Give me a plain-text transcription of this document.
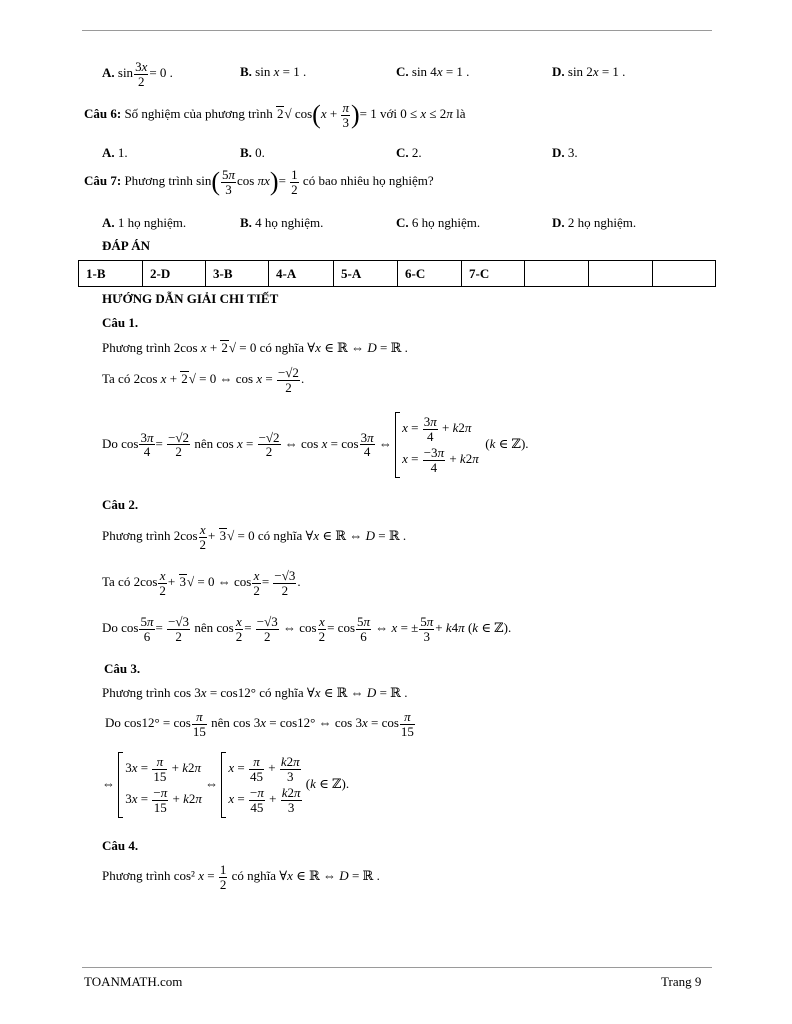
A. $\sin \frac{3x}{2} = 0$ .	B. sin x = 1 .	C. sin 4x = 1 .	D. sin 2x = 1 .
Câu 6: Số nghiệm của phương trình 2√ $\cos(x + \frac{\pi}{3}$ )= 1 với 0 ≤ x ≤ 2π là
A. 1.	B. 0.	C. 2.	D. 3.
Câu 7: Phương trình $\sin( \frac{5\pi}{3}$ $\cos \pi x)= \frac{1}{2}$ có bao nhiêu họ nghiệm?
A. 1 họ nghiệm.	B. 4 họ nghiệm.	C. 6 họ nghiệm.	D. 2 họ nghiệm.
ĐÁP ÁN
1-B	2-D	3-B	4-A	5-A	6-C	7-C			
HƯỚNG DẪN GIẢI CHI TIẾT
Câu 1.
Phương trình 2cos x + 2√ = 0 có nghĩa ∀x ∈ ℝ ⇔ D = ℝ .
Ta có 2cos x + 2√ = 0 ⇔ $\cos x = \frac{-√2}{2}$ .
Do $\cos \frac{3\pi}{4} = \frac{-√2}{2}$ nên $\cos x = \frac{-√2}{2}$ ⇔ $\cos x = \cos \frac{3\pi}{4}$ ⇔
$x = \frac{3\pi}{4} + k2\pi$
$x = \frac{-3\pi}{4} + k2\pi$
(k ∈ ℤ).
Câu 2.
Phương trình $2\cos \frac{x}{2} + 3√ = 0$ có nghĩa ∀x ∈ ℝ ⇔ D = ℝ .
Ta có $2\cos \frac{x}{2} + 3√ = 0$ ⇔ $\cos \frac{x}{2} = \frac{-√3}{2}$ .
Do $\cos \frac{5\pi}{6} = \frac{-√3}{2}$ nên $\cos \frac{x}{2} = \frac{-√3}{2}$ ⇔ $\cos \frac{x}{2} = \cos \frac{5\pi}{6}$ ⇔ x = ± $\frac{5\pi}{3} + k4\pi$ (k ∈ ℤ).
Câu 3.
Phương trình cos 3x = cos12° có nghĩa ∀x ∈ ℝ ⇔ D = ℝ .
Do $\cos 12^\circ = \cos \frac{\pi}{15}$ nên cos 3x = cos12° ⇔ $\cos 3x = \cos \frac{\pi}{15}$
⇔
$3x = \frac{\pi}{15} + k2\pi$
$3x = \frac{-\pi}{15} + k2\pi$
⇔
$x = \frac{\pi}{45} + \frac{k2\pi}{3}$
$x = \frac{-\pi}{45} + \frac{k2\pi}{3}$
(k ∈ ℤ).
Câu 4.
Phương trình cos² $x = \frac{1}{2}$ có nghĩa ∀x ∈ ℝ ⇔ D = ℝ .
TOANMATH.com	Trang 9
